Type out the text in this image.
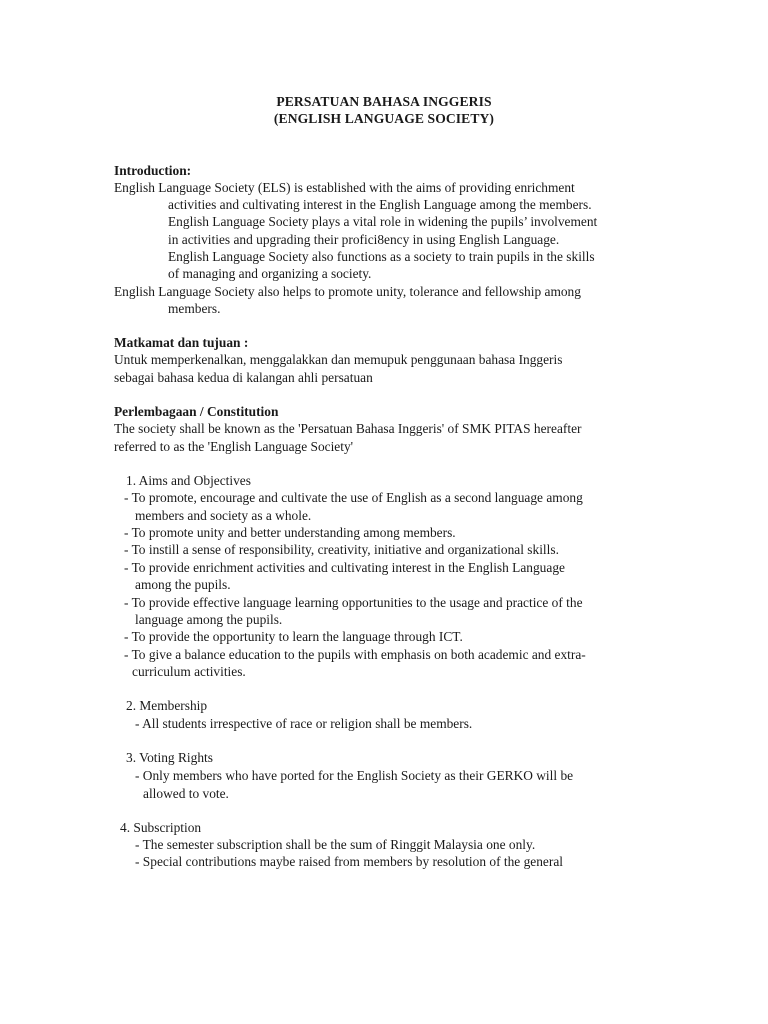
PERSATUAN BAHASA INGGERIS
(ENGLISH LANGUAGE SOCIETY)
Introduction:
English Language Society (ELS) is established with the aims of providing enrichment
activities and cultivating interest in the English Language among the members.
English Language Society plays a vital role in widening the pupils’ involvement
in activities and upgrading their profici8ency in using English Language.
English Language Society also functions as a society to train pupils in the skills
of managing and organizing a society.
English Language Society also helps to promote unity, tolerance and fellowship among
members.
Matkamat dan tujuan :
Untuk memperkenalkan, menggalakkan dan memupuk penggunaan bahasa Inggeris
sebagai bahasa kedua di kalangan ahli persatuan
Perlembagaan / Constitution
The society shall be known as the 'Persatuan Bahasa Inggeris' of SMK PITAS hereafter
referred to as the 'English Language Society'
1. Aims and Objectives
- To promote, encourage and cultivate the use of English as a second language among
members and society as a whole.
- To promote unity and better understanding among members.
- To instill a sense of responsibility, creativity, initiative and organizational skills.
- To provide enrichment activities and cultivating interest in the English Language
among the pupils.
- To provide effective language learning opportunities to the usage and practice of the
language among the pupils.
- To provide the opportunity to learn the language through ICT.
- To give a balance education to the pupils with emphasis on both academic and extra-
curriculum activities.
2. Membership
- All students irrespective of race or religion shall be members.
3. Voting Rights
- Only members who have ported for the English Society as their GERKO will be
allowed to vote.
4. Subscription
- The semester subscription shall be the sum of Ringgit Malaysia one only.
- Special contributions maybe raised from members by resolution of the general
